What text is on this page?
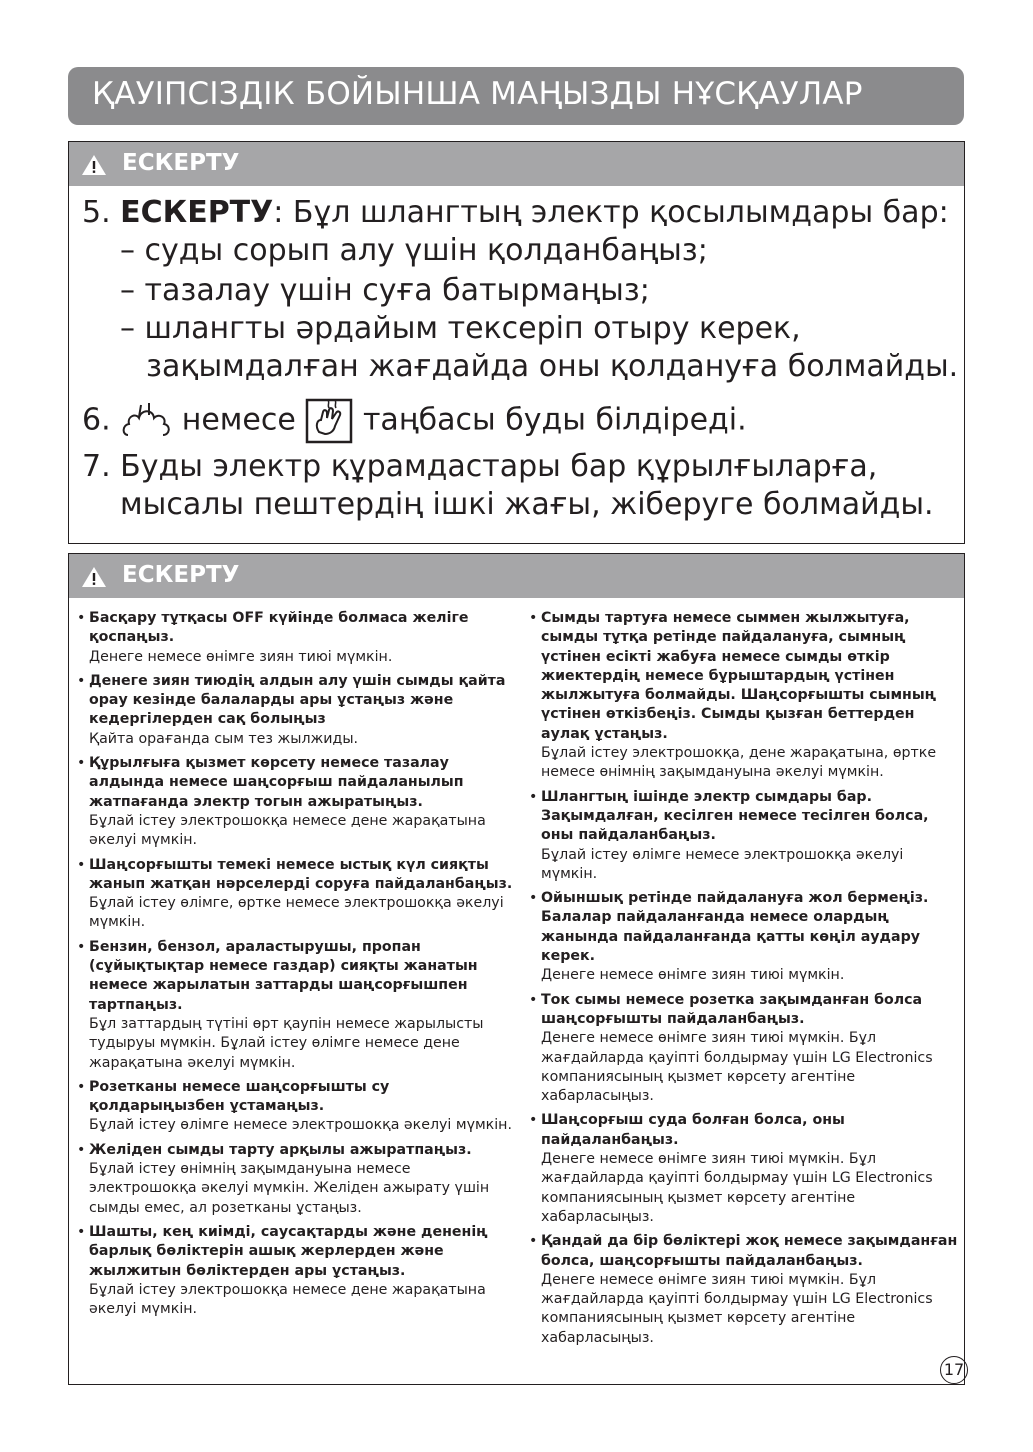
ҚАУІПСІЗДІК БОЙЫНША МАҢЫЗДЫ НҰСҚАУЛАР
ЕСКЕРТУ
5. ЕСКЕРТУ: Бұл шлангтың электр қосылымдары бар:
– суды сорып алу үшін қолданбаңыз;
– тазалау үшін суға батырмаңыз;
– шлангты әрдайым тексеріп отыру керек,
зақымдалған жағдайда оны қолдануға болмайды.
6. немесе таңбасы буды білдіреді.
7. Буды электр құрамдастары бар құрылғыларға,
мысалы пештердің ішкі жағы, жіберуге болмайды.
ЕСКЕРТУ
• Басқару тұтқасы OFF күйінде болмаса желіге қоспаңыз.
Денеге немесе өнімге зиян тиюі мүмкін.
• Денеге зиян тиюдің алдын алу үшін сымды қайта орау кезінде балаларды ары ұстаңыз және кедергілерден сақ болыңыз
Қайта орағанда сым тез жылжиды.
• Құрылғыға қызмет көрсету немесе тазалау алдында немесе шаңсорғыш пайдаланылып жатпағанда электр тогын ажыратыңыз.
Бұлай істеу электрошокқа немесе дене жарақатына әкелуі мүмкін.
• Шаңсорғышты темекі немесе ыстық күл сияқты жанып жатқан нәрселерді соруға пайдаланбаңыз.
Бұлай істеу өлімге, өртке немесе электрошокқа әкелуі мүмкін.
• Бензин, бензол, араластырушы, пропан (сұйықтықтар немесе газдар) сияқты жанатын немесе жарылатын заттарды шаңсорғышпен тартпаңыз.
Бұл заттардың түтіні өрт қаупін немесе жарылысты тудыруы мүмкін. Бұлай істеу өлімге немесе дене жарақатына әкелуі мүмкін.
• Розетканы немесе шаңсорғышты су қолдарыңызбен ұстамаңыз.
Бұлай істеу өлімге немесе электрошокқа әкелуі мүмкін.
• Желіден сымды тарту арқылы ажыратпаңыз.
Бұлай істеу өнімнің зақымдануына немесе электрошокқа әкелуі мүмкін. Желіден ажырату үшін сымды емес, ал розетканы ұстаңыз.
• Шашты, кең киімді, саусақтарды және дененің барлық бөліктерін ашық жерлерден және жылжитын бөліктерден ары ұстаңыз.
Бұлай істеу электрошокқа немесе дене жарақатына әкелуі мүмкін.
• Сымды тартуға немесе сыммен жылжытуға, сымды тұтқа ретінде пайдалануға, сымның үстінен есікті жабуға немесе сымды өткір жиектердің немесе бұрыштардың үстінен жылжытуға болмайды. Шаңсорғышты сымның үстінен өткізбеңіз. Сымды қызған беттерден аулақ ұстаңыз.
Бұлай істеу электрошокқа, дене жарақатына, өртке немесе өнімнің зақымдануына әкелуі мүмкін.
• Шлангтың ішінде электр сымдары бар. Зақымдалған, кесілген немесе тесілген болса, оны пайдаланбаңыз.
Бұлай істеу өлімге немесе электрошокқа әкелуі мүмкін.
• Ойыншық ретінде пайдалануға жол бермеңіз. Балалар пайдаланғанда немесе олардың жанында пайдаланғанда қатты көңіл аудару керек.
Денеге немесе өнімге зиян тиюі мүмкін.
• Ток сымы немесе розетка зақымданған болса шаңсорғышты пайдаланбаңыз.
Денеге немесе өнімге зиян тиюі мүмкін. Бұл жағдайларда қауіпті болдырмау үшін LG Electronics компаниясының қызмет көрсету агентіне хабарласыңыз.
• Шаңсорғыш суда болған болса, оны пайдаланбаңыз.
Денеге немесе өнімге зиян тиюі мүмкін. Бұл жағдайларда қауіпті болдырмау үшін LG Electronics компаниясының қызмет көрсету агентіне хабарласыңыз.
• Қандай да бір бөліктері жоқ немесе зақымданған болса, шаңсорғышты пайдаланбаңыз.
Денеге немесе өнімге зиян тиюі мүмкін. Бұл жағдайларда қауіпті болдырмау үшін LG Electronics компаниясының қызмет көрсету агентіне хабарласыңыз.
17
